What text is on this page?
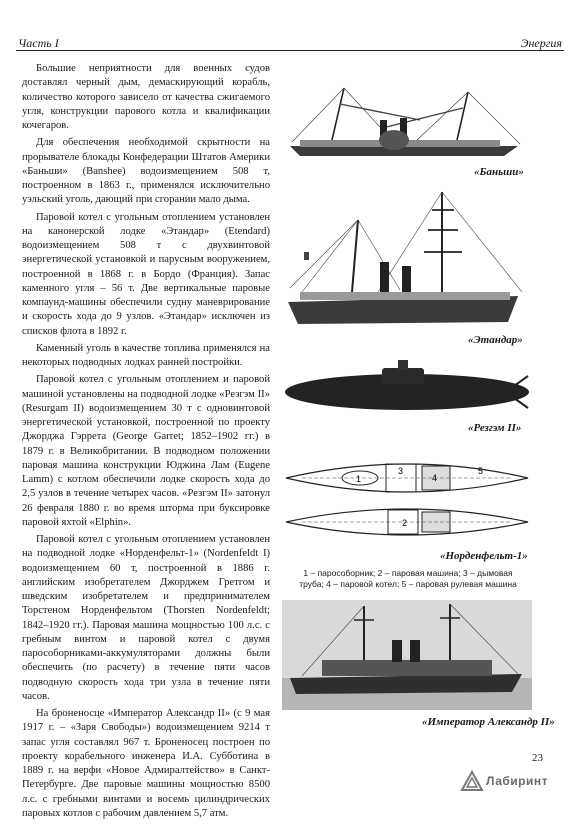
Часть I	Энергия

Большие неприятности для военных судов доставлял черный дым, демаскирующий корабль, количество которого зависело от качества сжигаемого угля, конструкции парового котла и квалификации кочегаров.

Для обеспечения необходимой скрытности на прорывателе блокады Конфедерации Штатов Америки «Баньши» (Banshee) водоизмещением 508 т, построенном в 1863 г., применялся исключительно уэльский уголь, дающий при сгорании мало дыма.

Паровой котел с угольным отоплением установлен на канонерской лодке «Этандар» (Etendard) водоизмещением 508 т с двухвинтовой энергетической установкой и парусным вооружением, построенной в 1868 г. в Бордо (Франция). Запас каменного угля – 56 т. Две вертикальные паровые компаунд-машины обеспечили судну маневрирование и скорость хода до 9 узлов. «Этандар» исключен из списков флота в 1892 г.

Каменный уголь в качестве топлива применялся на некоторых подводных лодках ранней постройки.

Паровой котел с угольным отоплением и паровой машиной установлены на подводной лодке «Резгэм II» (Resurgam II) водоизмещением 30 т с одновинтовой энергетической установкой, построенной по проекту Джорджа Гэррета (George Garret; 1852–1902 гг.) в 1879 г. в Великобритании. В подводном положении паровая машина конструкции Юджина Лам (Eugene Lamm) с котлом обеспечили лодке скорость хода до 2,5 узлов в течение четырех часов. «Резгэм II» затонул 26 февраля 1880 г. во время шторма при буксировке паровой яхтой «Elphin».

Паровой котел с угольным отоплением установлен на подводной лодке «Норденфельт-1» (Nordenfeldt I) водоизмещением 60 т, построенной в 1886 г. английским изобретателем Джорджем Гретгом и шведским изобретателем и предпринимателем Торстеном Норденфельтом (Thorsten Nordenfeldt; 1842–1920 гг.). Паровая машина мощностью 100 л.с. с гребным винтом и паровой котел с двумя парособорниками-аккумуляторами должны были обеспечить (по расчету) в течение пяти часов подводную скорость хода три узла в течение пяти часов.

На броненосце «Император Александр II» (с 9 мая 1917 г. – «Заря Свободы») водоизмещением 9214 т запас угля составлял 967 т. Броненосец построен по проекту корабельного инженера И.А. Субботина в 1889 г. на верфи «Новое Адмиралтейство» в Санкт-Петербурге. Две паровые машины мощностью 8500 л.с. с гребными винтами и восемь цилиндрических паровых котлов с рабочим давлением 5,7 атм.

«Баньши»
«Этандар»
«Резгэм II»
1
3
4
5
2
«Норденфельт-1»
1 – парособорник; 2 – паровая машина; 3 – дымовая
труба; 4 – паровой котел; 5 – паровая рулевая машина
«Император Александр II»
23
Лабиринт
